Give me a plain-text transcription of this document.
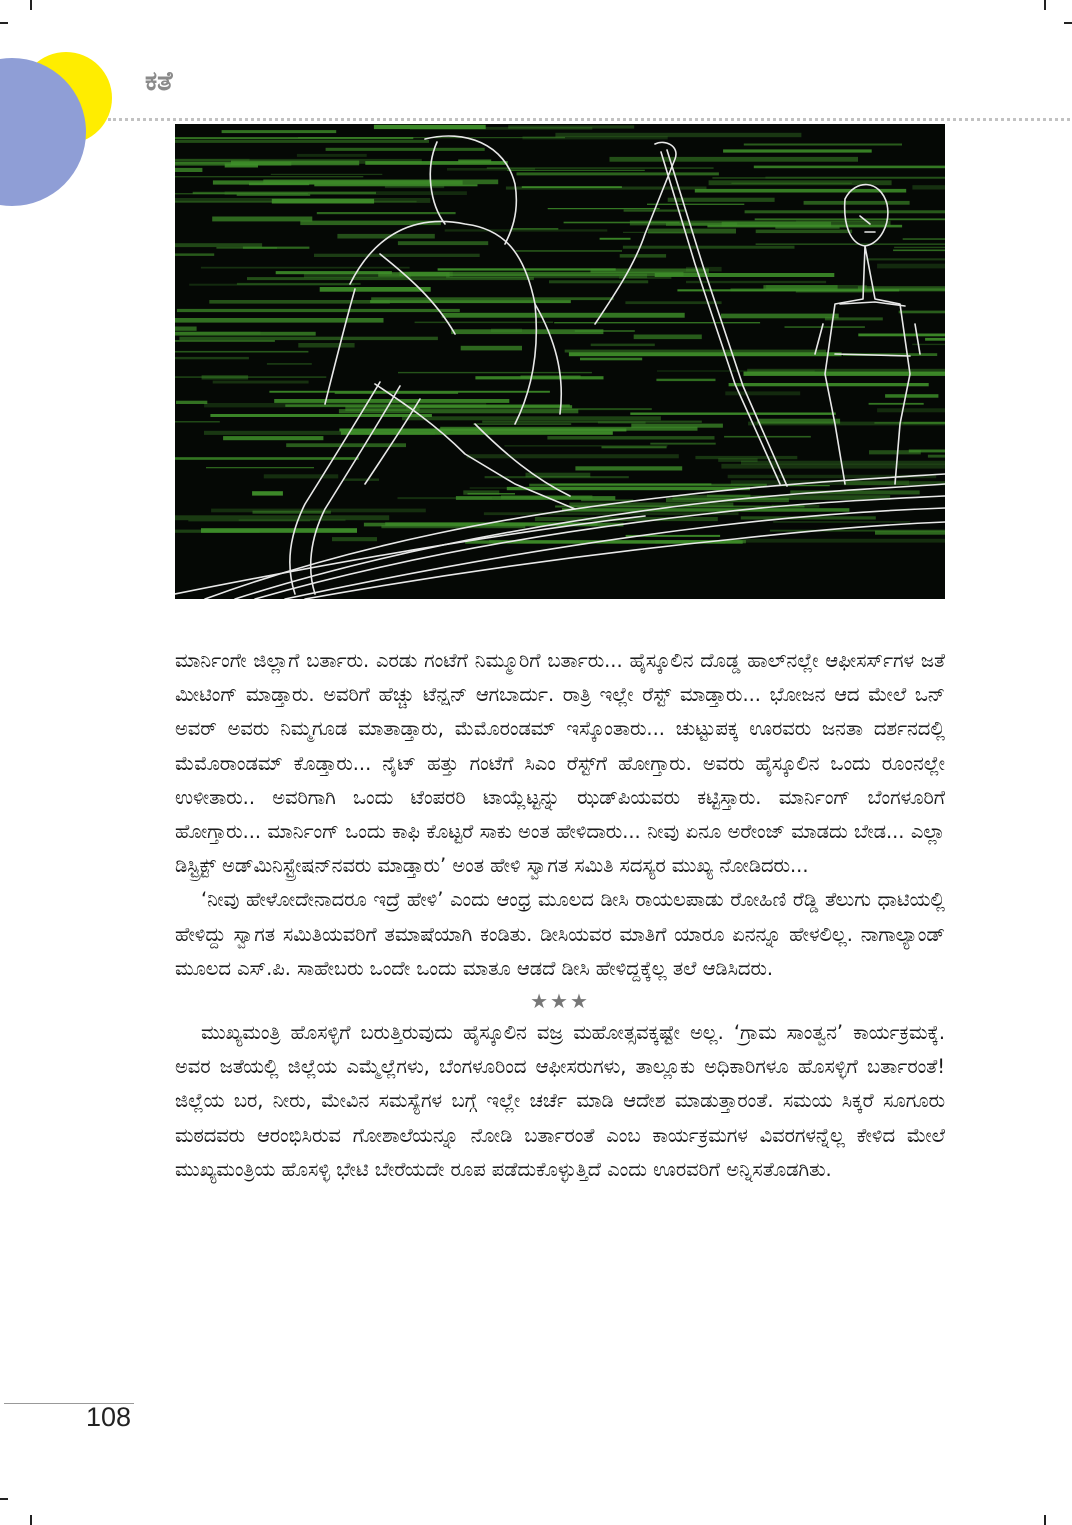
ಕತೆ

ಮಾರ್ನಿಂಗೇ ಜಿಲ್ಲಾಗೆ ಬರ್ತಾರು. ಎರಡು ಗಂಟೆಗೆ ನಿಮ್ಮೂರಿಗೆ ಬರ್ತಾರು... ಹೈಸ್ಕೂಲಿನ ದೊಡ್ಡ ಹಾಲ್‌ನಲ್ಲೇ ಆಫೀಸರ್ಸ್‌ಗಳ ಜತೆ ಮೀಟಿಂಗ್ ಮಾಡ್ತಾರು. ಅವರಿಗೆ ಹೆಚ್ಚು ಟೆನ್ಷನ್ ಆಗಬಾರ್ದು. ರಾತ್ರಿ ಇಲ್ಲೇ ರೆಸ್ಟ್ ಮಾಡ್ತಾರು... ಭೋಜನ ಆದ ಮೇಲೆ ಒನ್ ಅವರ್ ಅವರು ನಿಮ್ಮಗೂಡ ಮಾತಾಡ್ತಾರು, ಮೆಮೊರಂಡಮ್ ಇಸ್ಕೊಂತಾರು... ಚುಟ್ಟುಪಕ್ಕ ಊರವರು ಜನತಾ ದರ್ಶನದಲ್ಲಿ ಮೆಮೊರಾಂಡಮ್ ಕೊಡ್ತಾರು... ನೈಟ್ ಹತ್ತು ಗಂಟೆಗೆ ಸಿಎಂ ರೆಸ್ಟ್‌ಗೆ ಹೋಗ್ತಾರು. ಅವರು ಹೈಸ್ಕೂಲಿನ ಒಂದು ರೂಂನಲ್ಲೇ ಉಳೀತಾರು.. ಅವರಿಗಾಗಿ ಒಂದು ಟೆಂಪರರಿ ಟಾಯ್ಲೆಟ್ಟನ್ನು ಝಡ್‌ಪಿಯವರು ಕಟ್ಟಿಸ್ತಾರು. ಮಾರ್ನಿಂಗ್ ಬೆಂಗಳೂರಿಗೆ ಹೋಗ್ತಾರು... ಮಾರ್ನಿಂಗ್ ಒಂದು ಕಾಫಿ ಕೊಟ್ಟರೆ ಸಾಕು ಅಂತ ಹೇಳಿದಾರು... ನೀವು ಏನೂ ಅರೇಂಜ್ ಮಾಡದು ಬೇಡ... ಎಲ್ಲಾ ಡಿಸ್ಟ್ರಿಕ್ಟ್ ಅಡ್‌ಮಿನಿಸ್ಟ್ರೇಷನ್‌ನವರು ಮಾಡ್ತಾರು’ ಅಂತ ಹೇಳಿ ಸ್ವಾಗತ ಸಮಿತಿ ಸದಸ್ಯರ ಮುಖ್ಯ ನೋಡಿದರು...

‘ನೀವು ಹೇಳೋದೇನಾದರೂ ಇದ್ರೆ ಹೇಳಿ’ ಎಂದು ಆಂಧ್ರ ಮೂಲದ ಡೀಸಿ ರಾಯಲಪಾಡು ರೋಹಿಣಿ ರೆಡ್ಡಿ ತೆಲುಗು ಧಾಟಿಯಲ್ಲಿ ಹೇಳಿದ್ದು ಸ್ವಾಗತ ಸಮಿತಿಯವರಿಗೆ ತಮಾಷೆಯಾಗಿ ಕಂಡಿತು. ಡೀಸಿಯವರ ಮಾತಿಗೆ ಯಾರೂ ಏನನ್ನೂ ಹೇಳಲಿಲ್ಲ. ನಾಗಾಲ್ಯಾಂಡ್ ಮೂಲದ ಎಸ್.ಪಿ. ಸಾಹೇಬರು ಒಂದೇ ಒಂದು ಮಾತೂ ಆಡದೆ ಡೀಸಿ ಹೇಳಿದ್ದಕ್ಕೆಲ್ಲ ತಲೆ ಆಡಿಸಿದರು.

★★★

ಮುಖ್ಯಮಂತ್ರಿ ಹೊಸಳ್ಳಿಗೆ ಬರುತ್ತಿರುವುದು ಹೈಸ್ಕೂಲಿನ ವಜ್ರ ಮಹೋತ್ಸವಕ್ಕಷ್ಟೇ ಅಲ್ಲ. ‘ಗ್ರಾಮ ಸಾಂತ್ವನ’ ಕಾರ್ಯಕ್ರಮಕ್ಕೆ. ಅವರ ಜತೆಯಲ್ಲಿ ಜಿಲ್ಲೆಯ ಎಮ್ಮೆಲ್ಲೆಗಳು, ಬೆಂಗಳೂರಿಂದ ಆಫೀಸರುಗಳು, ತಾಲ್ಲೂಕು ಅಧಿಕಾರಿಗಳೂ ಹೊಸಳ್ಳಿಗೆ ಬರ್ತಾರಂತೆ! ಜಿಲ್ಲೆಯ ಬರ, ನೀರು, ಮೇವಿನ ಸಮಸ್ಯೆಗಳ ಬಗ್ಗೆ ಇಲ್ಲೇ ಚರ್ಚೆ ಮಾಡಿ ಆದೇಶ ಮಾಡುತ್ತಾರಂತೆ. ಸಮಯ ಸಿಕ್ಕರೆ ಸೂಗೂರು ಮಠದವರು ಆರಂಭಿಸಿರುವ ಗೋಶಾಲೆಯನ್ನೂ ನೋಡಿ ಬರ್ತಾರಂತೆ ಎಂಬ ಕಾರ್ಯಕ್ರಮಗಳ ವಿವರಗಳನ್ನೆಲ್ಲ ಕೇಳಿದ ಮೇಲೆ ಮುಖ್ಯಮಂತ್ರಿಯ ಹೊಸಳ್ಳಿ ಭೇಟಿ ಬೇರೆಯದೇ ರೂಪ ಪಡೆದುಕೊಳ್ಳುತ್ತಿದೆ ಎಂದು ಊರವರಿಗೆ ಅನ್ನಿಸತೊಡಗಿತು.

108
